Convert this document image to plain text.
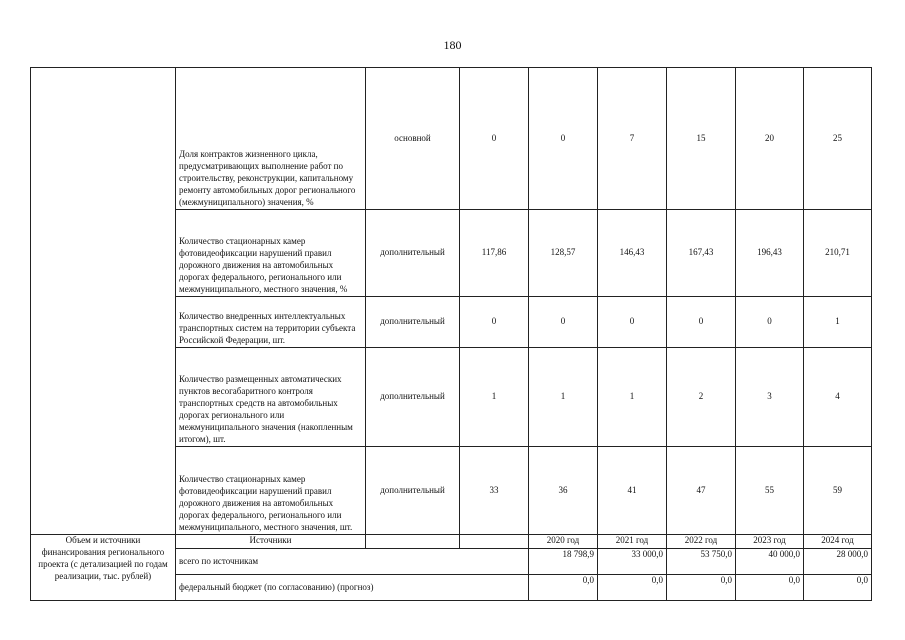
180
	Доля контрактов жизненного цикла, предусматривающих выполнение работ по строительству, реконструкции, капитальному ремонту автомобильных дорог регионального (межмуниципального) значения, %	основной	0	0	7	15	20	25
	Количество стационарных камер фотовидеофиксации нарушений правил дорожного движения на автомобильных дорогах федерального, регионального или межмуниципального, местного значения, %	дополнительный	117,86	128,57	146,43	167,43	196,43	210,71
	Количество внедренных интеллектуальных транспортных систем на территории субъекта Российской Федерации, шт.	дополнительный	0	0	0	0	0	1
	Количество размещенных автоматических пунктов весогабаритного контроля транспортных средств на автомобильных дорогах регионального или межмуниципального значения (накопленным итогом), шт.	дополнительный	1	1	1	2	3	4
	Количество стационарных камер фотовидеофиксации нарушений правил дорожного движения на автомобильных дорогах федерального, регионального или межмуниципального, местного значения, шт.	дополнительный	33	36	41	47	55	59
Объем и источники финансирования регионального проекта (с детализацией по годам реализации, тыс. рублей)	Источники			2020 год	2021 год	2022 год	2023 год	2024 год
	всего по источникам			18 798,9	33 000,0	53 750,0	40 000,0	28 000,0
	федеральный бюджет (по согласованию) (прогноз)			0,0	0,0	0,0	0,0	0,0
